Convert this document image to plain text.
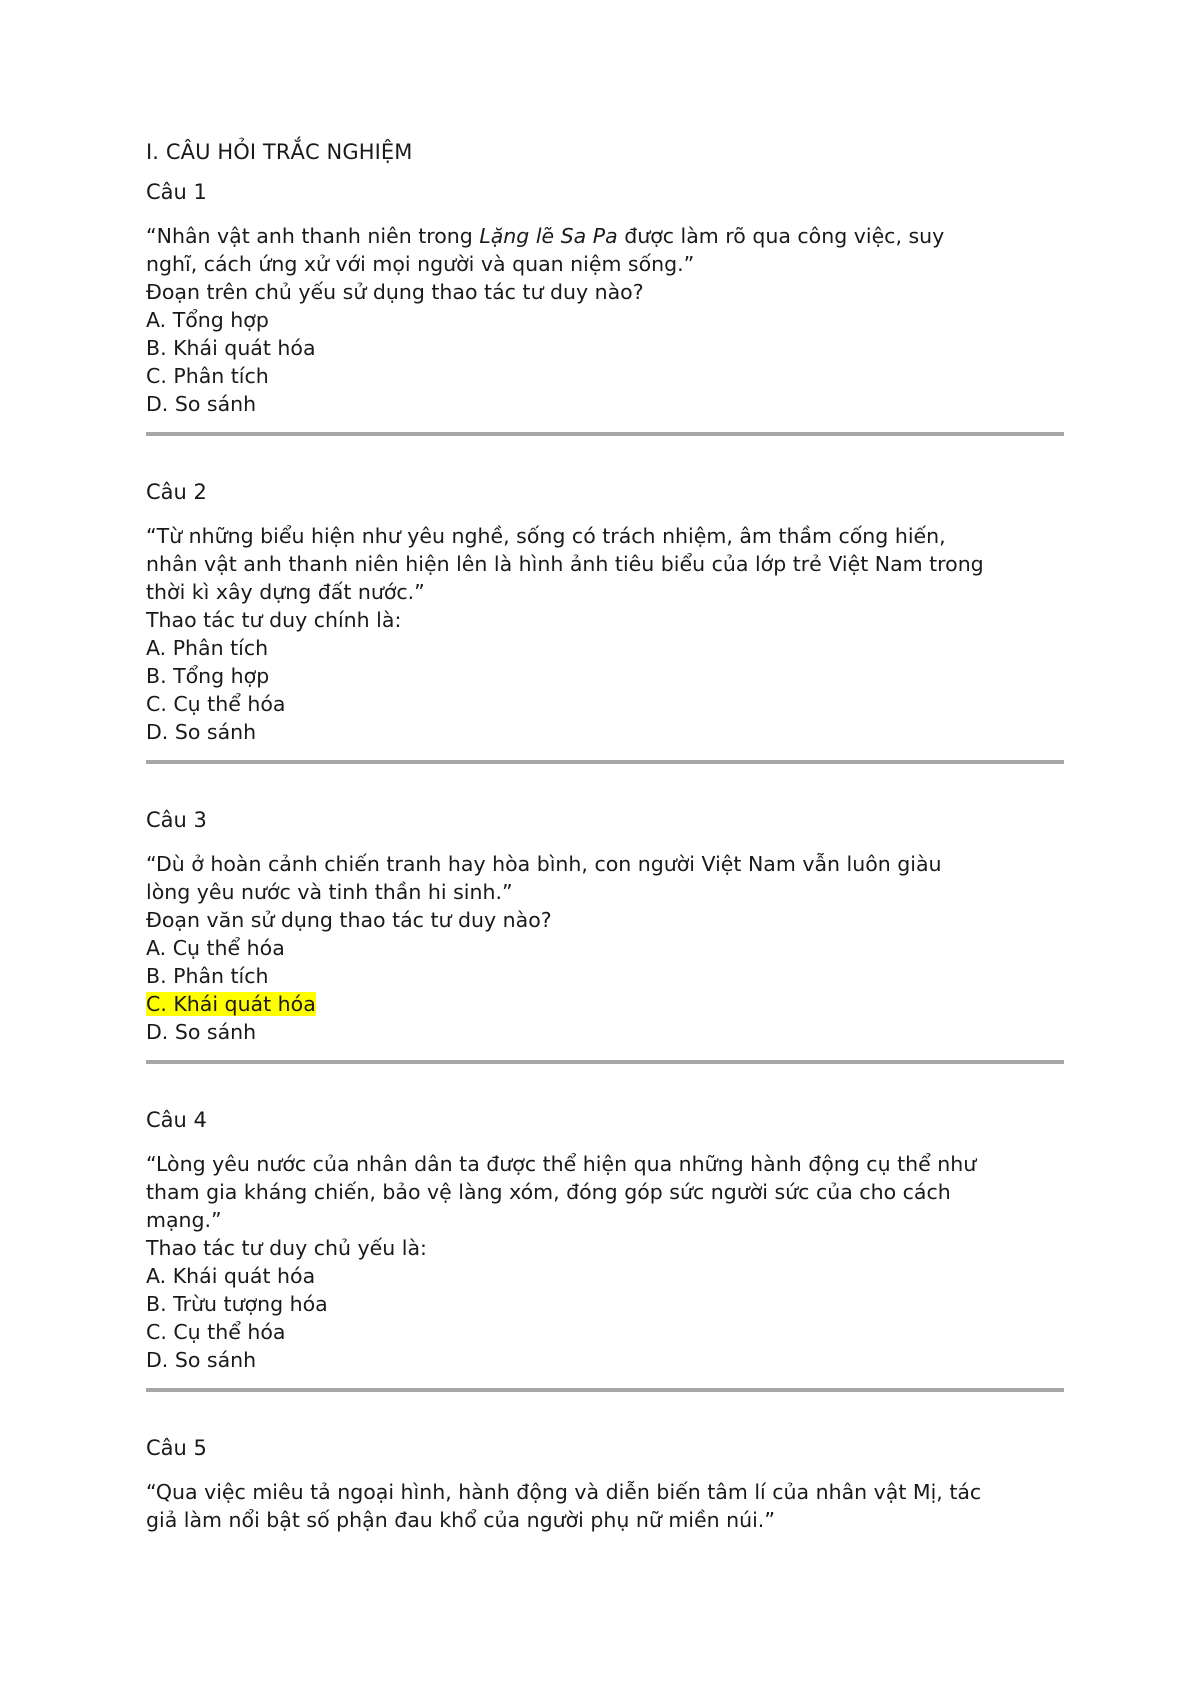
I. CÂU HỎI TRẮC NGHIỆM

Câu 1

“Nhân vật anh thanh niên trong Lặng lẽ Sa Pa được làm rõ qua công việc, suy

nghĩ, cách ứng xử với mọi người và quan niệm sống.”

Đoạn trên chủ yếu sử dụng thao tác tư duy nào?

A. Tổng hợp

B. Khái quát hóa

C. Phân tích

D. So sánh

Câu 2

“Từ những biểu hiện như yêu nghề, sống có trách nhiệm, âm thầm cống hiến,

nhân vật anh thanh niên hiện lên là hình ảnh tiêu biểu của lớp trẻ Việt Nam trong

thời kì xây dựng đất nước.”

Thao tác tư duy chính là:

A. Phân tích

B. Tổng hợp

C. Cụ thể hóa

D. So sánh

Câu 3

“Dù ở hoàn cảnh chiến tranh hay hòa bình, con người Việt Nam vẫn luôn giàu

lòng yêu nước và tinh thần hi sinh.”

Đoạn văn sử dụng thao tác tư duy nào?

A. Cụ thể hóa

B. Phân tích

C. Khái quát hóa

D. So sánh

Câu 4

“Lòng yêu nước của nhân dân ta được thể hiện qua những hành động cụ thể như

tham gia kháng chiến, bảo vệ làng xóm, đóng góp sức người sức của cho cách

mạng.”

Thao tác tư duy chủ yếu là:

A. Khái quát hóa

B. Trừu tượng hóa

C. Cụ thể hóa

D. So sánh

Câu 5

“Qua việc miêu tả ngoại hình, hành động và diễn biến tâm lí của nhân vật Mị, tác

giả làm nổi bật số phận đau khổ của người phụ nữ miền núi.”
